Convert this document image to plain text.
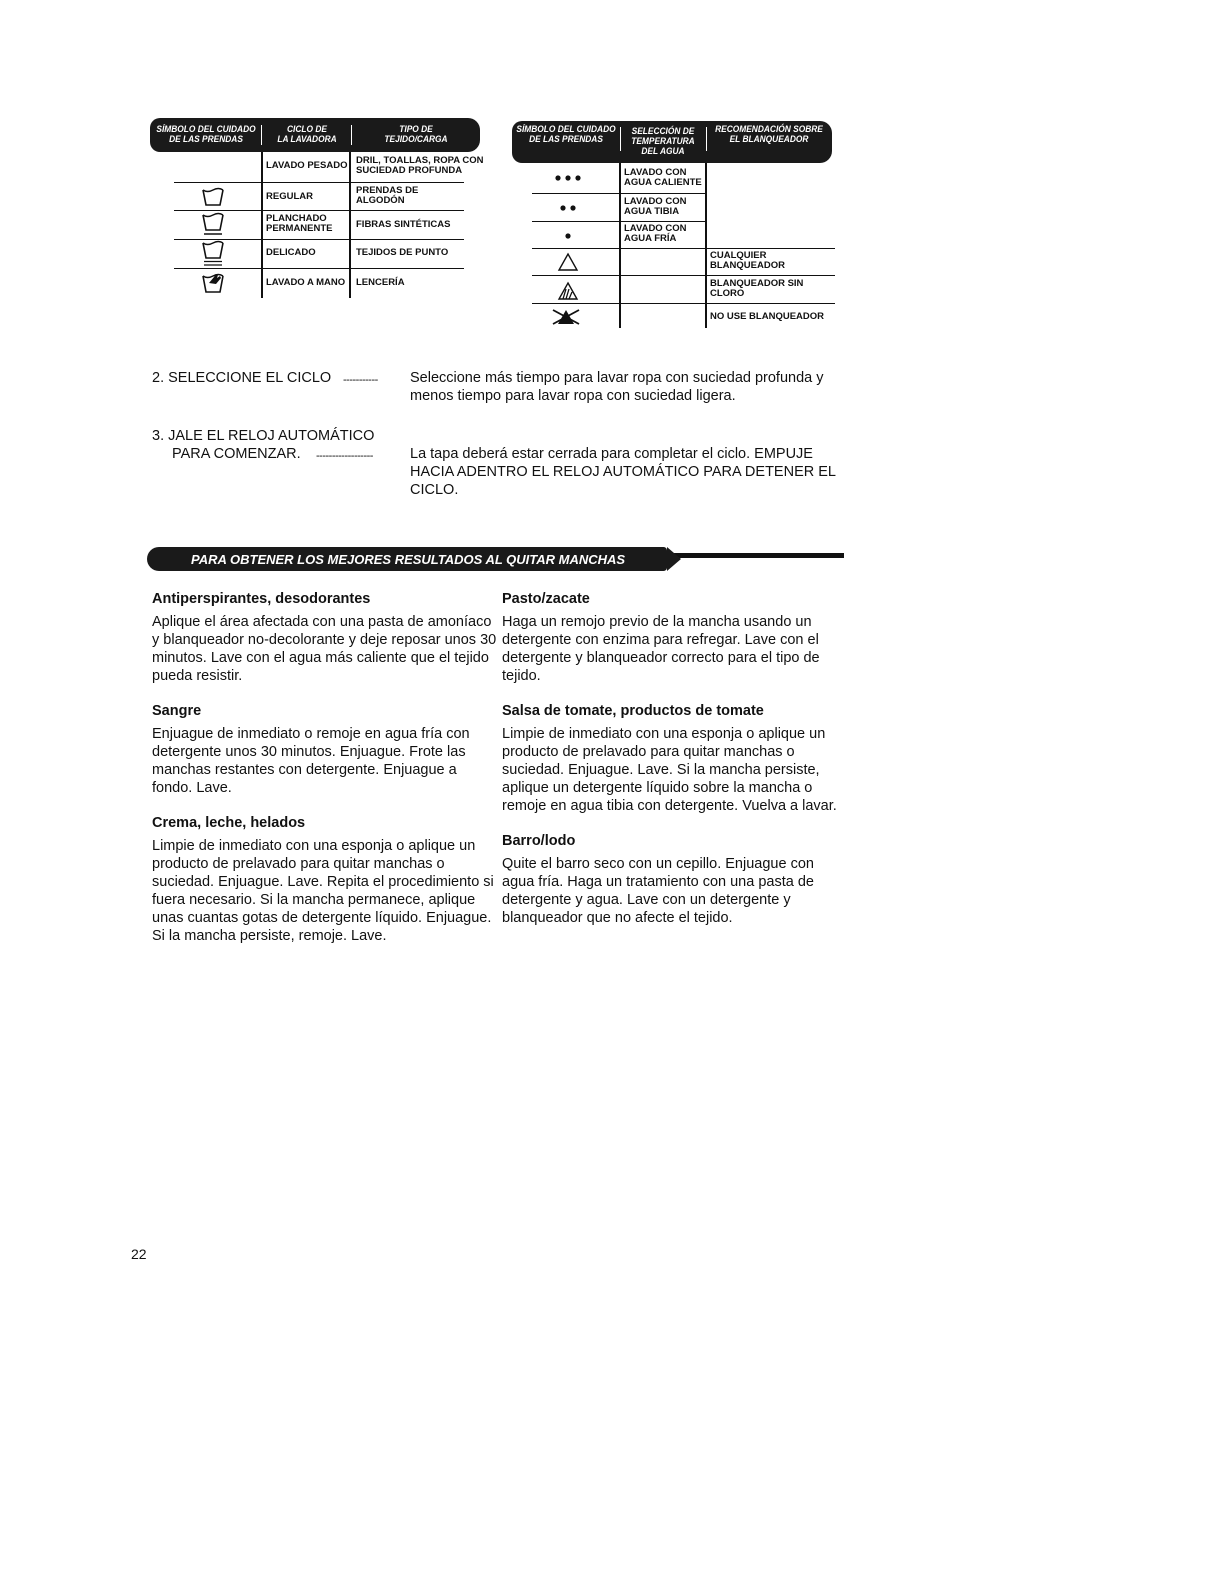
SÍMBOLO DEL CUIDADO
DE LAS PRENDAS
CICLO DE
LA LAVADORA
TIPO DE
TEJIDO/CARGA
LAVADO PESADO DRIL, TOALLAS, ROPA CON
SUCIEDAD PROFUNDA
REGULAR
PRENDAS DE
ALGODÓN
PLANCHADO
PERMANENTE FIBRAS SINTÉTICAS
DELICADO	TEJIDOS DE PUNTO
LAVADO A MANO LENCERÍA
SÍMBOLO DEL CUIDADO
DE LAS PRENDAS
SELECCIÓN DE
TEMPERATURA
DEL AGUA
RECOMENDACIÓN SOBRE
EL BLANQUEADOR
LAVADO CON
AGUA CALIENTE
LAVADO CON
AGUA TIBIA
LAVADO CON
AGUA FRÍA
CUALQUIER
BLANQUEADOR
BLANQUEADOR SIN
CLORO
NO USE BLANQUEADOR
2. SELECCIONE EL CICLO ----------- Seleccione más tiempo para lavar ropa con suciedad profunda y menos tiempo para lavar ropa con suciedad ligera.
3. JALE EL RELOJ AUTOMÁTICO
PARA COMENZAR. ------------------	La tapa deberá estar cerrada para completar el ciclo. EMPUJE HACIA ADENTRO EL RELOJ AUTOMÁTICO PARA DETENER EL CICLO.
PARA OBTENER LOS MEJORES RESULTADOS AL QUITAR MANCHAS
Antiperspirantes, desodorantes

Aplique el área afectada con una pasta de amoníaco y blanqueador no-decolorante y deje reposar unos 30 minutos. Lave con el agua más caliente que el tejido pueda resistir.

Sangre

Enjuague de inmediato o remoje en agua fría con detergente unos 30 minutos. Enjuague. Frote las manchas restantes con detergente. Enjuague a fondo. Lave.

Crema, leche, helados

Limpie de inmediato con una esponja o aplique un producto de prelavado para quitar manchas o suciedad. Enjuague. Lave. Repita el procedimiento si fuera necesario. Si la mancha permanece, aplique unas cuantas gotas de detergente líquido. Enjuague. Si la mancha persiste, remoje. Lave.

Pasto/zacate

Haga un remojo previo de la mancha usando un detergente con enzima para refregar. Lave con el detergente y blanqueador correcto para el tipo de tejido.

Salsa de tomate, productos de tomate

Limpie de inmediato con una esponja o aplique un producto de prelavado para quitar manchas o suciedad. Enjuague. Lave. Si la mancha persiste, aplique un detergente líquido sobre la mancha o remoje en agua tibia con detergente. Vuelva a lavar.

Barro/lodo

Quite el barro seco con un cepillo. Enjuague con agua fría. Haga un tratamiento con una pasta de detergente y agua. Lave con un detergente y blanqueador que no afecte el tejido.

22
